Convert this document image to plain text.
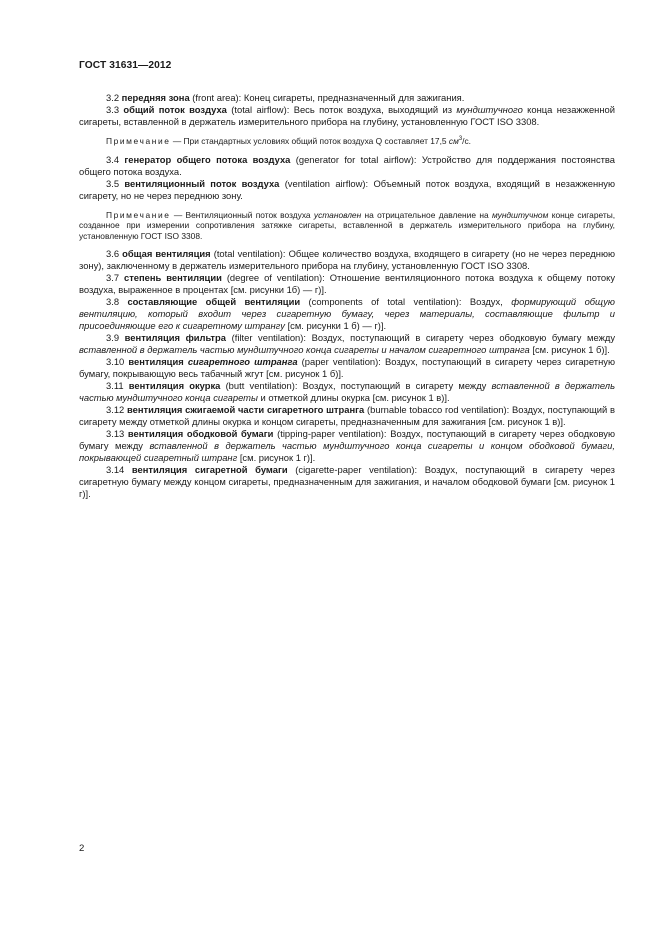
ГОСТ 31631—2012

3.2 передняя зона (front area): Конец сигареты, предназначенный для зажигания.

3.3 общий поток воздуха (total airflow): Весь поток воздуха, выходящий из мундштучного конца незажженной сигареты, вставленной в держатель измерительного прибора на глубину, установленную ГОСТ ISO 3308.

Примечание — При стандартных условиях общий поток воздуха Q составляет 17,5 $см^3/с$.

3.4 генератор общего потока воздуха (generator for total airflow): Устройство для поддержания постоянства общего потока воздуха.

3.5 вентиляционный поток воздуха (ventilation airflow): Объемный поток воздуха, входящий в незажженную сигарету, но не через переднюю зону.

Примечание — Вентиляционный поток воздуха установлен на отрицательное давление на мундштучном конце сигареты, созданное при измерении сопротивления затяжке сигареты, вставленной в держатель измерительного прибора на глубину, установленную ГОСТ ISO 3308.

3.6 общая вентиляция (total ventilation): Общее количество воздуха, входящего в сигарету (но не через переднюю зону), заключенному в держатель измерительного прибора на глубину, установленную ГОСТ ISO 3308.

3.7 степень вентиляции (degree of ventilation): Отношение вентиляционного потока воздуха к общему потоку воздуха, выраженное в процентах [см. рисунки 1б) — г)].

3.8 составляющие общей вентиляции (components of total ventilation): Воздух, формирующий общую вентиляцию, который входит через сигаретную бумагу, через материалы, составляющие фильтр и присоединяющие его к сигаретному штрангу [см. рисунки 1 б) — г)].

3.9 вентиляция фильтра (filter ventilation): Воздух, поступающий в сигарету через ободковую бумагу между вставленной в держатель частью мундштучного конца сигареты и началом сигаретного штранга [см. рисунок 1 б)].

3.10 вентиляция сигаретного штранга (paper ventilation): Воздух, поступающий в сигарету через сигаретную бумагу, покрывающую весь табачный жгут [см. рисунок 1 б)].

3.11 вентиляция окурка (butt ventilation): Воздух, поступающий в сигарету между вставленной в держатель частью мундштучного конца сигареты и отметкой длины окурка [см. рисунок 1 в)].

3.12 вентиляция сжигаемой части сигаретного штранга (burnable tobacco rod ventilation): Воздух, поступающий в сигарету между отметкой длины окурка и концом сигареты, предназначенным для зажигания [см. рисунок 1 в)].

3.13 вентиляция ободковой бумаги (tipping-paper ventilation): Воздух, поступающий в сигарету через ободковую бумагу между вставленной в держатель частью мундштучного конца сигареты и концом ободковой бумаги, покрывающей сигаретный штранг [см. рисунок 1 г)].

3.14 вентиляция сигаретной бумаги (cigarette-paper ventilation): Воздух, поступающий в сигарету через сигаретную бумагу между концом сигареты, предназначенным для зажигания, и началом ободковой бумаги [см. рисунок 1 г)].

2
